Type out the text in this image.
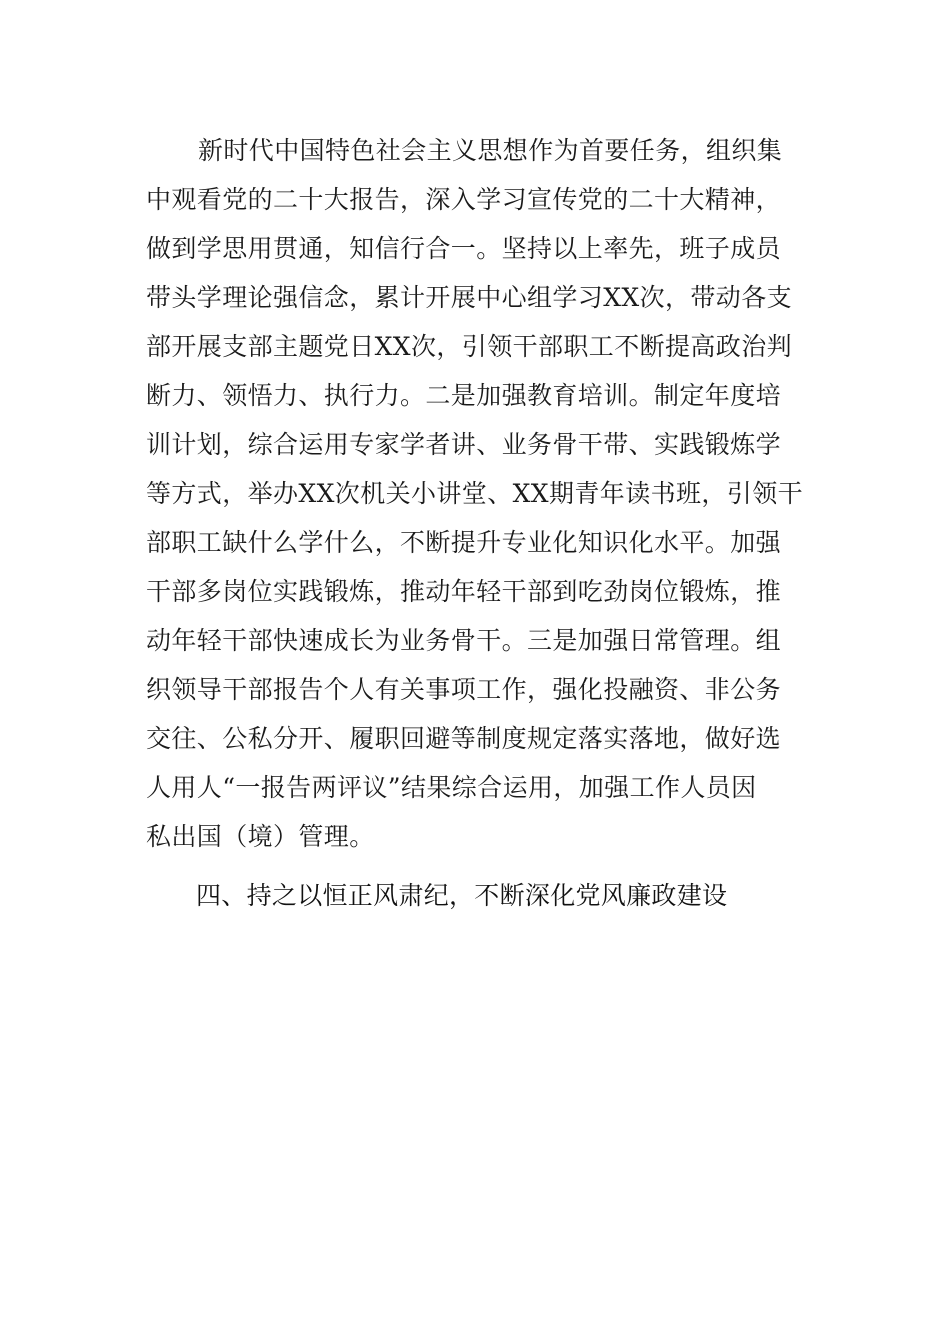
新时代中国特色社会主义思想作为首要任务，组织集
中观看党的二十大报告，深入学习宣传党的二十大精神，
做到学思用贯通，知信行合一。坚持以上率先，班子成员
带头学理论强信念，累计开展中心组学习XX次，带动各支
部开展支部主题党日XX次，引领干部职工不断提高政治判
断力、领悟力、执行力。二是加强教育培训。制定年度培
训计划，综合运用专家学者讲、业务骨干带、实践锻炼学
等方式，举办XX次机关小讲堂、XX期青年读书班，引领干
部职工缺什么学什么，不断提升专业化知识化水平。加强
干部多岗位实践锻炼，推动年轻干部到吃劲岗位锻炼，推
动年轻干部快速成长为业务骨干。三是加强日常管理。组
织领导干部报告个人有关事项工作，强化投融资、非公务
交往、公私分开、履职回避等制度规定落实落地，做好选
人用人“一报告两评议”结果综合运用，加强工作人员因
私出国（境）管理。
四、持之以恒正风肃纪，不断深化党风廉政建设
